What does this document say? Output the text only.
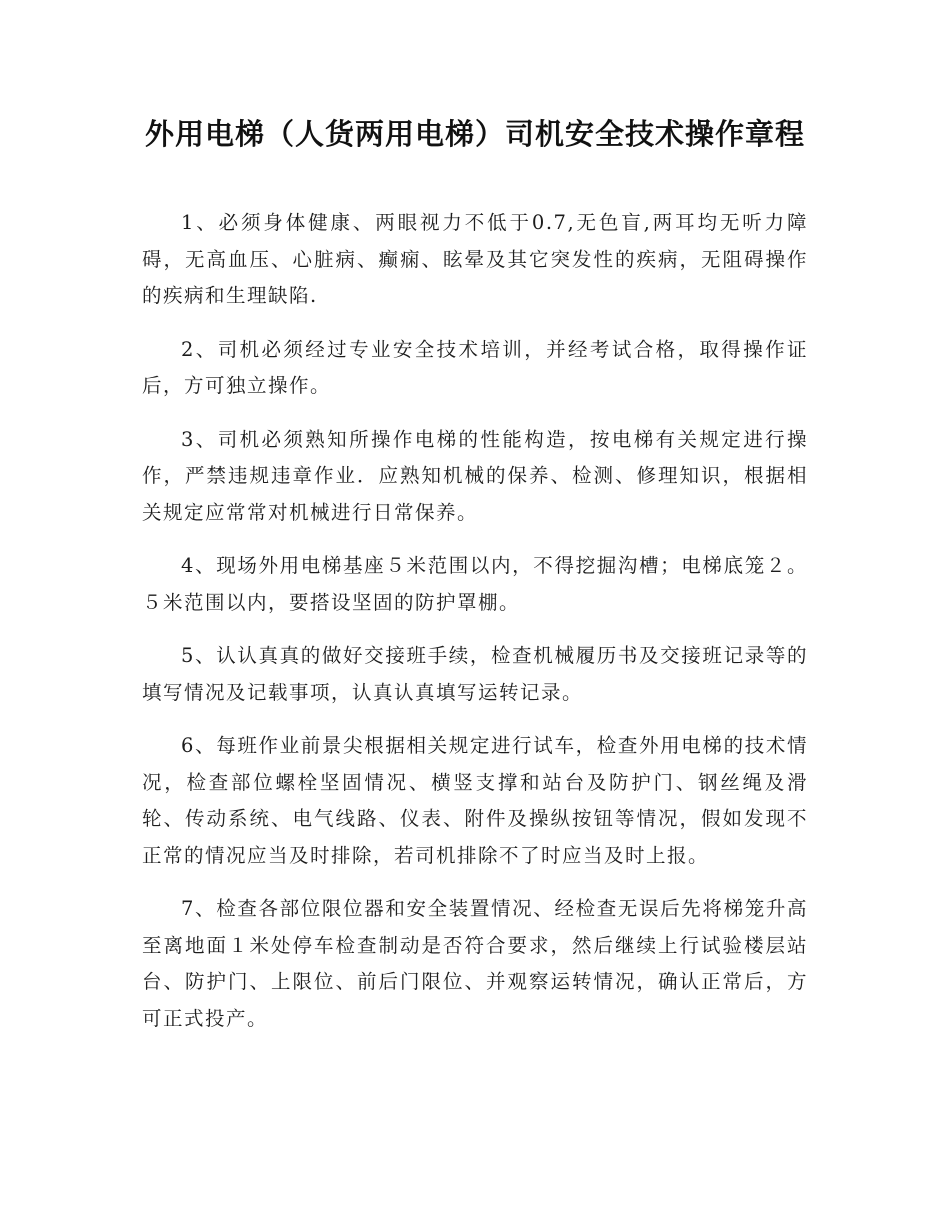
外用电梯（人货两用电梯）司机安全技术操作章程

1、必须身体健康、两眼视力不低于0.7,无色盲,两耳均无听力障碍，无高血压、心脏病、癫痫、眩晕及其它突发性的疾病，无阻碍操作的疾病和生理缺陷.

2、司机必须经过专业安全技术培训，并经考试合格，取得操作证后，方可独立操作。

3、司机必须熟知所操作电梯的性能构造，按电梯有关规定进行操作，严禁违规违章作业．应熟知机械的保养、检测、修理知识，根据相关规定应常常对机械进行日常保养。

4、现场外用电梯基座５米范围以内，不得挖掘沟槽；电梯底笼２。５米范围以内，要搭设坚固的防护罩棚。

5、认认真真的做好交接班手续，检查机械履历书及交接班记录等的填写情况及记载事项，认真认真填写运转记录。

6、每班作业前景尖根据相关规定进行试车，检查外用电梯的技术情况，检查部位螺栓坚固情况、横竖支撑和站台及防护门、钢丝绳及滑轮、传动系统、电气线路、仪表、附件及操纵按钮等情况，假如发现不正常的情况应当及时排除，若司机排除不了时应当及时上报。

7、检查各部位限位器和安全装置情况、经检查无误后先将梯笼升高至离地面１米处停车检查制动是否符合要求，然后继续上行试验楼层站台、防护门、上限位、前后门限位、并观察运转情况，确认正常后，方可正式投产。
